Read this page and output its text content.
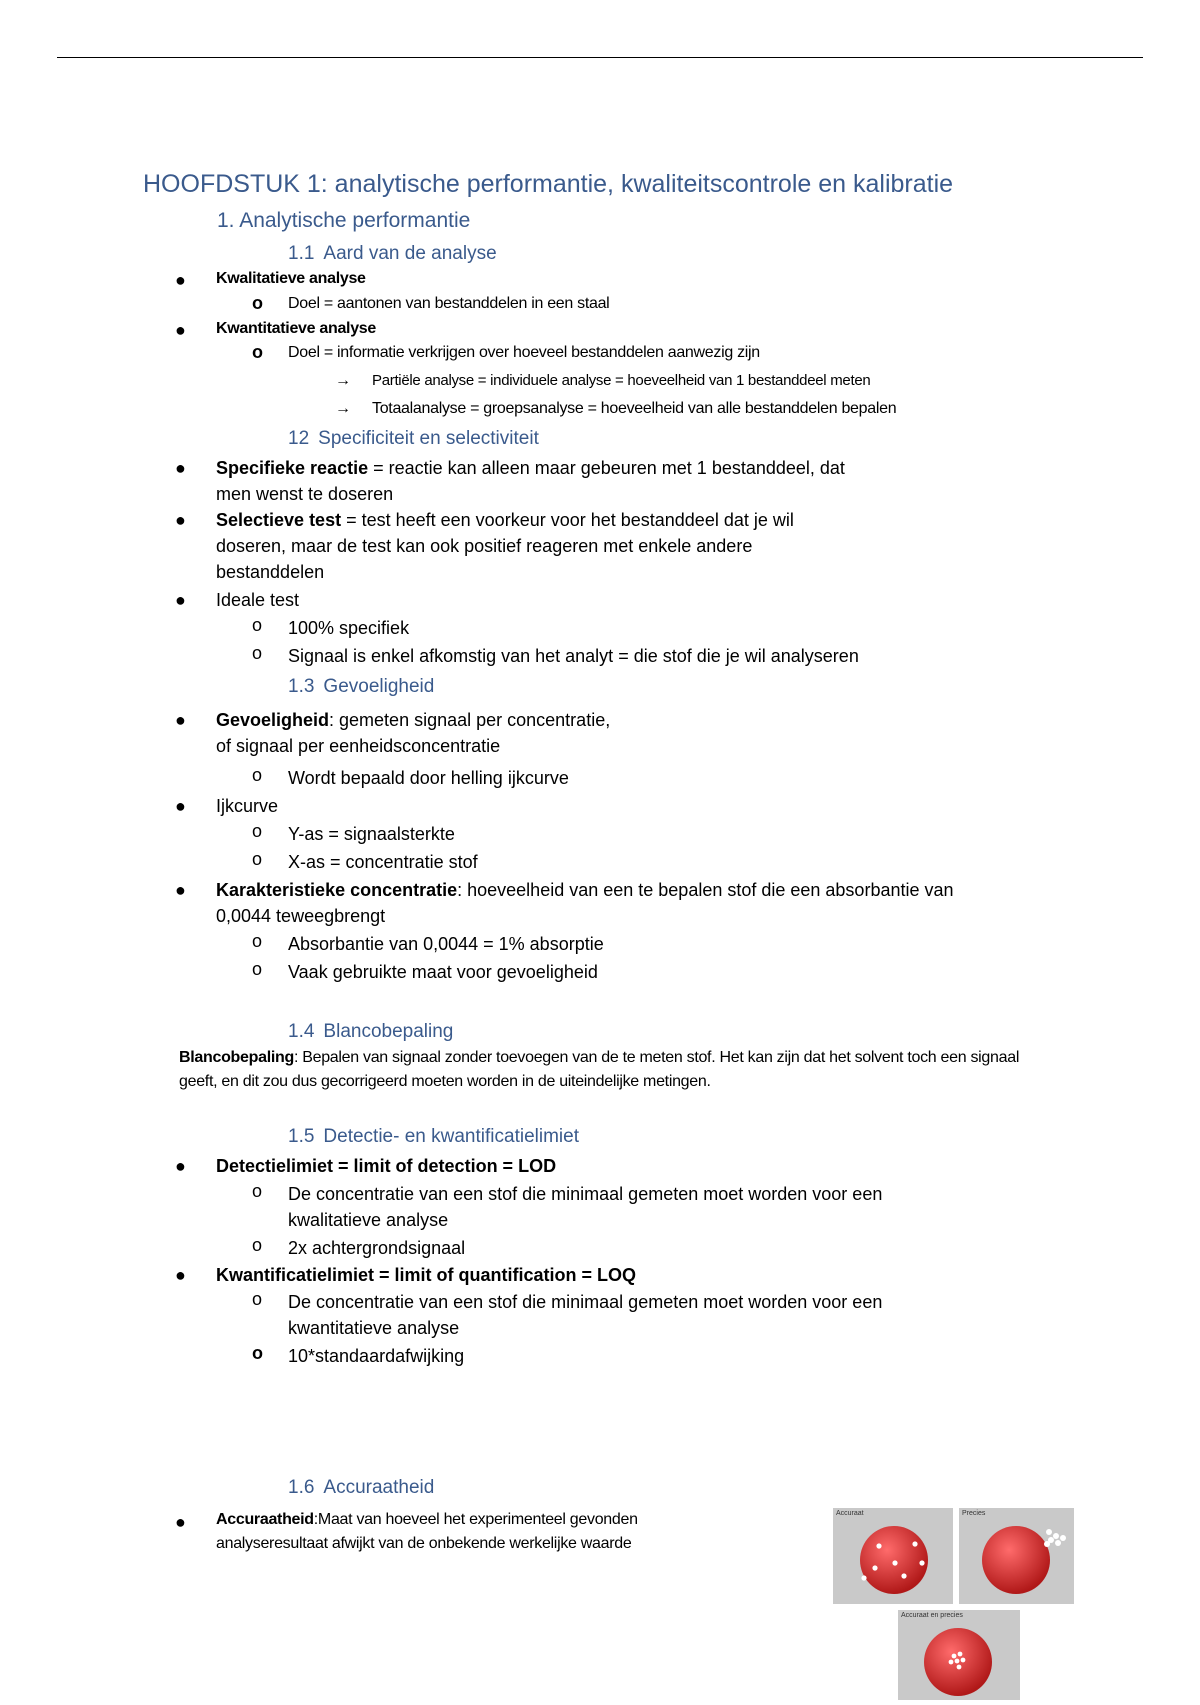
HOOFDSTUK 1: analytische performantie, kwaliteitscontrole en kalibratie
1. Analytische performantie
1.1 Aard van de analyse
● Kwalitatieve analyse
o Doel = aantonen van bestanddelen in een staal
● Kwantitatieve analyse
o Doel = informatie verkrijgen over hoeveel bestanddelen aanwezig zijn
→ Partiële analyse = individuele analyse = hoeveelheid van 1 bestanddeel meten
→ Totaalanalyse = groepsanalyse = hoeveelheid van alle bestanddelen bepalen
12 Specificiteit en selectiviteit
● Specifieke reactie = reactie kan alleen maar gebeuren met 1 bestanddeel, dat
men wenst te doseren
● Selectieve test = test heeft een voorkeur voor het bestanddeel dat je wil
doseren, maar de test kan ook positief reageren met enkele andere
bestanddelen
● Ideale test
o 100% specifiek
o Signaal is enkel afkomstig van het analyt = die stof die je wil analyseren
1.3 Gevoeligheid
● Gevoeligheid: gemeten signaal per concentratie,
of signaal per eenheidsconcentratie
o Wordt bepaald door helling ijkcurve
● Ijkcurve
o Y-as = signaalsterkte
o X-as = concentratie stof
● Karakteristieke concentratie: hoeveelheid van een te bepalen stof die een absorbantie van
0,0044 teweegbrengt
o Absorbantie van 0,0044 = 1% absorptie
o Vaak gebruikte maat voor gevoeligheid
1.4 Blancobepaling
Blancobepaling: Bepalen van signaal zonder toevoegen van de te meten stof. Het kan zijn dat het solvent toch een signaal geeft, en dit zou dus gecorrigeerd moeten worden in de uiteindelijke metingen.
1.5 Detectie- en kwantificatielimiet
● Detectielimiet = limit of detection = LOD
o De concentratie van een stof die minimaal gemeten moet worden voor een
kwalitatieve analyse
o 2x achtergrondsignaal
● Kwantificatielimiet = limit of quantification = LOQ
o De concentratie van een stof die minimaal gemeten moet worden voor een
kwantitatieve analyse
o 10*standaardafwijking
1.6 Accuraatheid
● Accuraatheid:Maat van hoeveel het experimenteel gevonden
analyseresultaat afwijkt van de onbekende werkelijke waarde
Accuraat	Precies
Accuraat en precies
